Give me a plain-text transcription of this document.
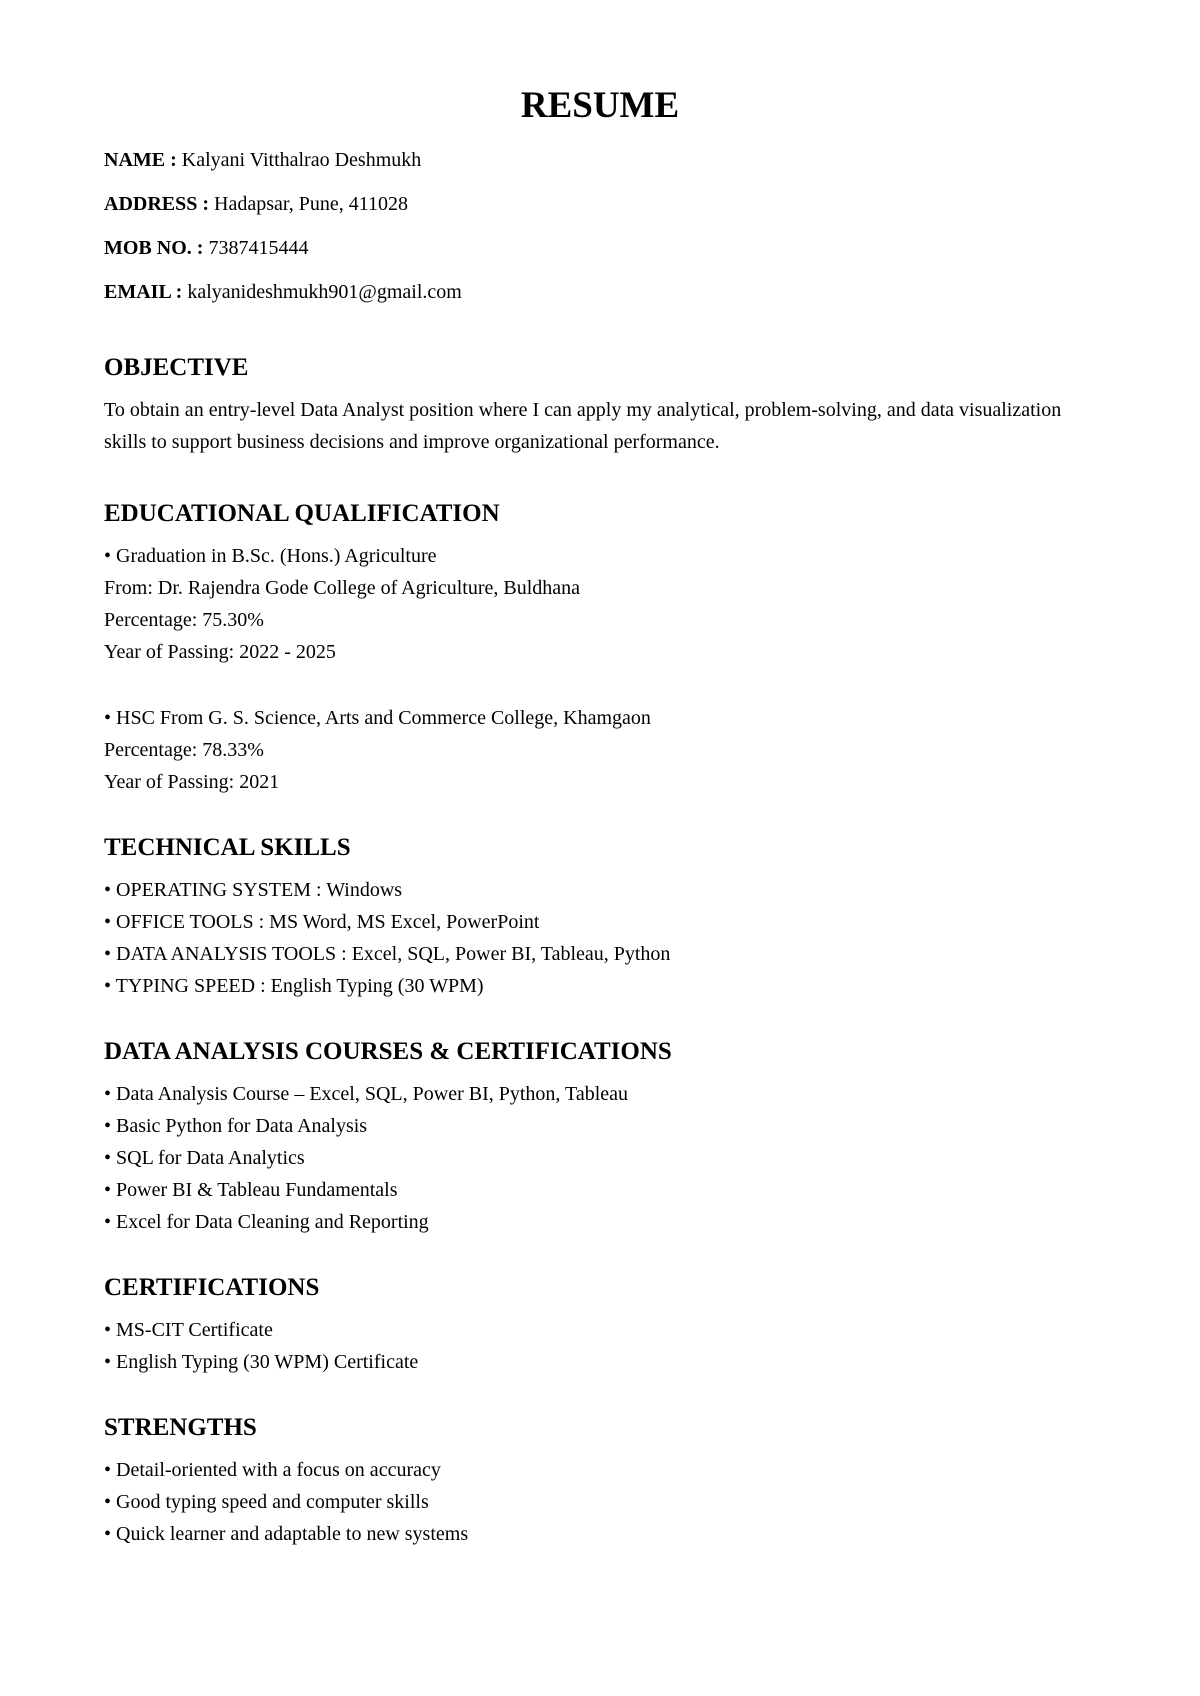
RESUME

NAME : Kalyani Vitthalrao Deshmukh

ADDRESS : Hadapsar, Pune, 411028

MOB NO. : 7387415444

EMAIL : kalyanideshmukh901@gmail.com

OBJECTIVE

To obtain an entry-level Data Analyst position where I can apply my analytical, problem-solving, and data visualization skills to support business decisions and improve organizational performance.

EDUCATIONAL QUALIFICATION

• Graduation in B.Sc. (Hons.) Agriculture

From: Dr. Rajendra Gode College of Agriculture, Buldhana

Percentage: 75.30%

Year of Passing: 2022 - 2025

• HSC From G. S. Science, Arts and Commerce College, Khamgaon

Percentage: 78.33%

Year of Passing: 2021

TECHNICAL SKILLS

• OPERATING SYSTEM : Windows

• OFFICE TOOLS : MS Word, MS Excel, PowerPoint

• DATA ANALYSIS TOOLS : Excel, SQL, Power BI, Tableau, Python

• TYPING SPEED : English Typing (30 WPM)

DATA ANALYSIS COURSES & CERTIFICATIONS

• Data Analysis Course – Excel, SQL, Power BI, Python, Tableau

• Basic Python for Data Analysis

• SQL for Data Analytics

• Power BI & Tableau Fundamentals

• Excel for Data Cleaning and Reporting

CERTIFICATIONS

• MS-CIT Certificate

• English Typing (30 WPM) Certificate

STRENGTHS

• Detail-oriented with a focus on accuracy

• Good typing speed and computer skills

• Quick learner and adaptable to new systems
